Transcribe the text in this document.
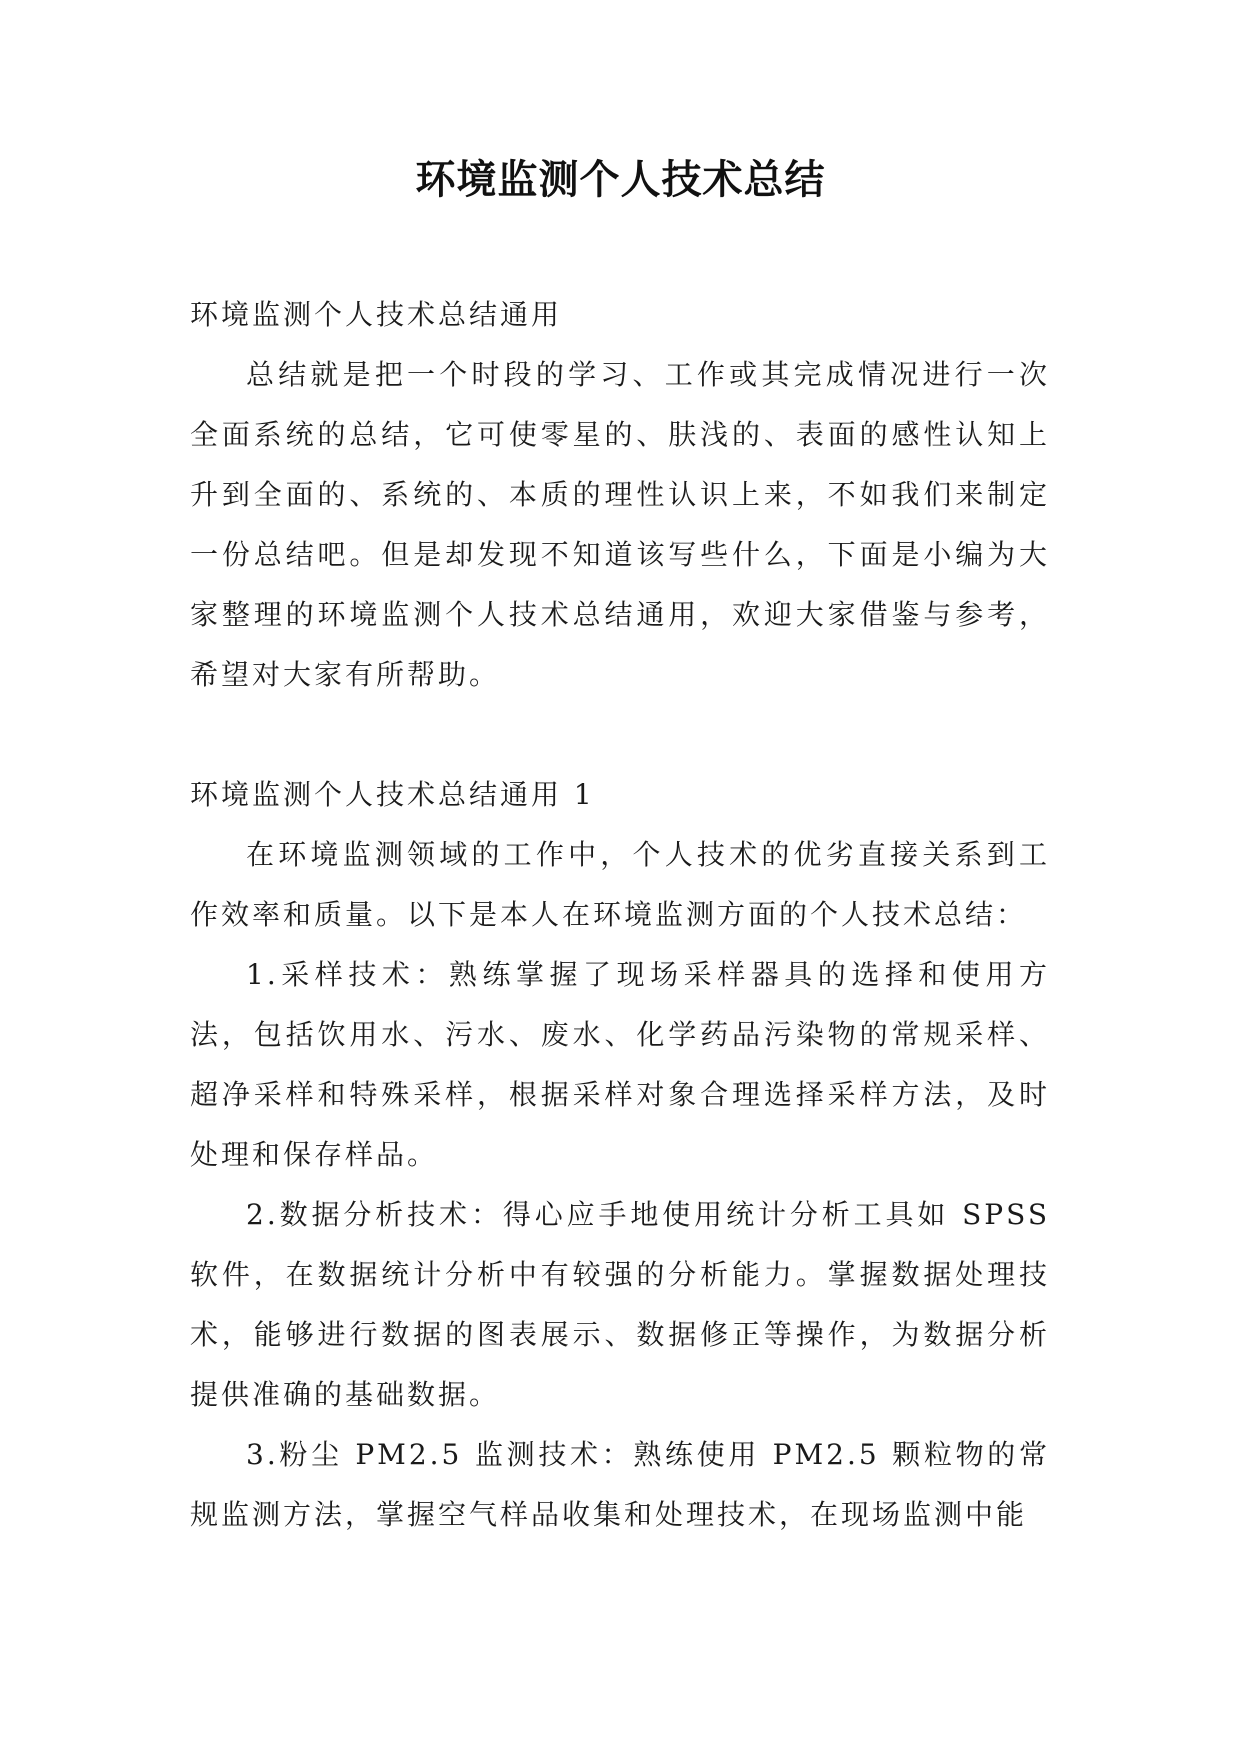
环境监测个人技术总结

环境监测个人技术总结通用

总结就是把一个时段的学习、工作或其完成情况进行一次全面系统的总结，它可使零星的、肤浅的、表面的感性认知上升到全面的、系统的、本质的理性认识上来，不如我们来制定一份总结吧。但是却发现不知道该写些什么，下面是小编为大家整理的环境监测个人技术总结通用，欢迎大家借鉴与参考，希望对大家有所帮助。

环境监测个人技术总结通用 1

在环境监测领域的工作中，个人技术的优劣直接关系到工作效率和质量。以下是本人在环境监测方面的个人技术总结：

1.采样技术：熟练掌握了现场采样器具的选择和使用方法，包括饮用水、污水、废水、化学药品污染物的常规采样、超净采样和特殊采样，根据采样对象合理选择采样方法，及时处理和保存样品。

2.数据分析技术：得心应手地使用统计分析工具如 SPSS 软件，在数据统计分析中有较强的分析能力。掌握数据处理技术，能够进行数据的图表展示、数据修正等操作，为数据分析提供准确的基础数据。

3.粉尘 PM2.5 监测技术：熟练使用 PM2.5 颗粒物的常规监测方法，掌握空气样品收集和处理技术，在现场监测中能
